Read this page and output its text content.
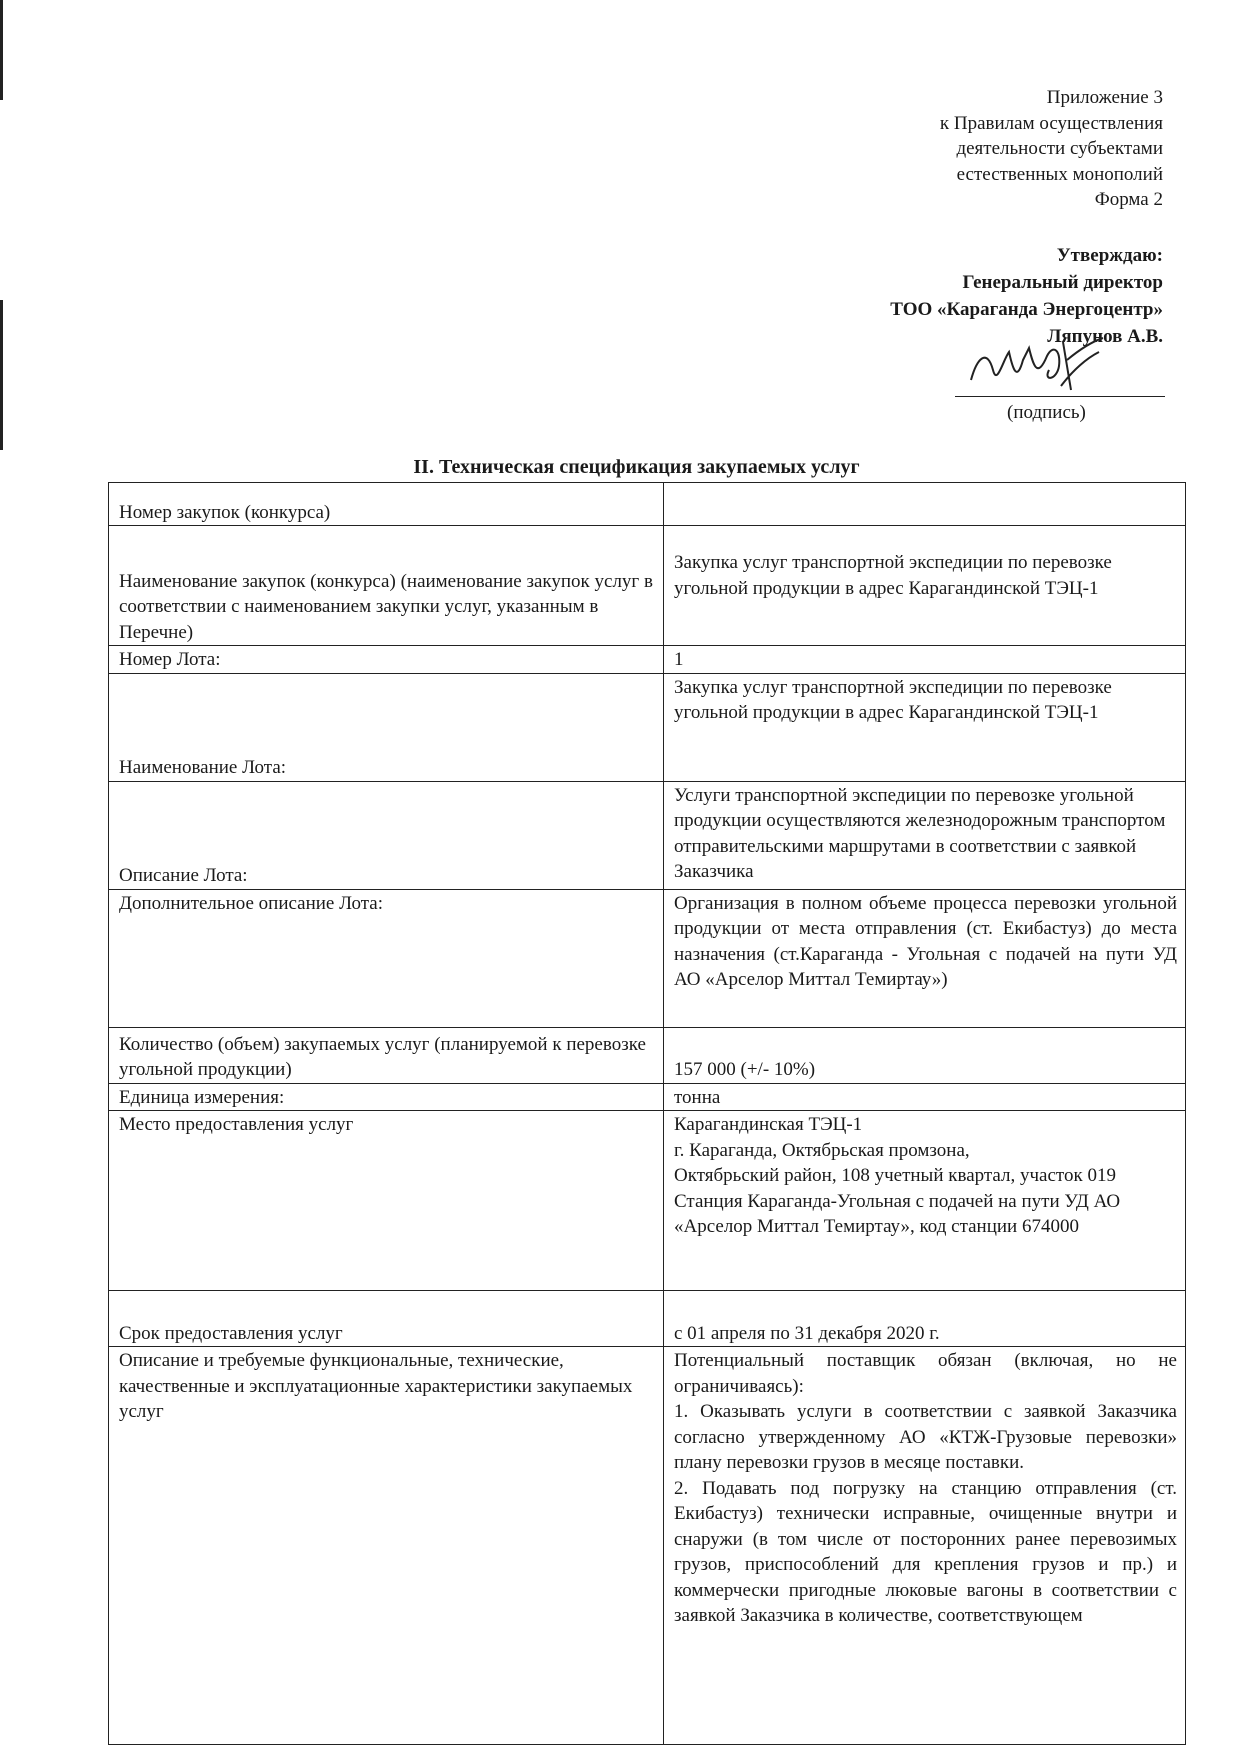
Приложение 3
к Правилам осуществления
деятельности субъектами
естественных монополий
Форма 2
Утверждаю:
Генеральный директор
ТОО «Караганда Энергоцентр»
Ляпунов А.В.
(подпись)
II. Техническая спецификация закупаемых услуг
Номер закупок (конкурса)	
Наименование закупок (конкурса) (наименование закупок услуг в соответствии с наименованием закупки услуг, указанным в Перечне)	Закупка услуг транспортной экспедиции по перевозке угольной продукции в адрес Карагандинской ТЭЦ-1
Номер Лота:	1
Наименование Лота:	Закупка услуг транспортной экспедиции по перевозке угольной продукции в адрес Карагандинской ТЭЦ-1
Описание Лота:	Услуги транспортной экспедиции по перевозке угольной продукции осуществляются железнодорожным транспортом отправительскими маршрутами в соответствии с заявкой Заказчика
Дополнительное описание Лота:	Организация в полном объеме процесса перевозки угольной продукции от места отправления (ст. Екибастуз) до места назначения (ст.Караганда - Угольная с подачей на пути УД АО «Арселор Миттал Темиртау»)
Количество (объем) закупаемых услуг (планируемой к перевозке угольной продукции)	157 000 (+/- 10%)
Единица измерения:	тонна
Место предоставления услуг	Карагандинская ТЭЦ-1
г. Караганда, Октябрьская промзона,
Октябрьский район, 108 учетный квартал, участок 019
Станция Караганда-Угольная с подачей на пути УД АО «Арселор Миттал Темиртау», код станции 674000

Срок предоставления услуг	с 01 апреля по 31 декабря 2020 г.
Описание и требуемые функциональные, технические, качественные и эксплуатационные характеристики закупаемых услуг	Потенциальный поставщик обязан (включая, но не ограничиваясь):
1. Оказывать услуги в соответствии с заявкой Заказчика согласно утвержденному АО «КТЖ-Грузовые перевозки» плану перевозки грузов в месяце поставки.
2. Подавать под погрузку на станцию отправления (ст. Екибастуз) технически исправные, очищенные внутри и снаружи (в том числе от посторонних ранее перевозимых грузов, приспособлений для крепления грузов и пр.) и коммерчески пригодные люковые вагоны в соответствии с заявкой Заказчика в количестве, соответствующем
